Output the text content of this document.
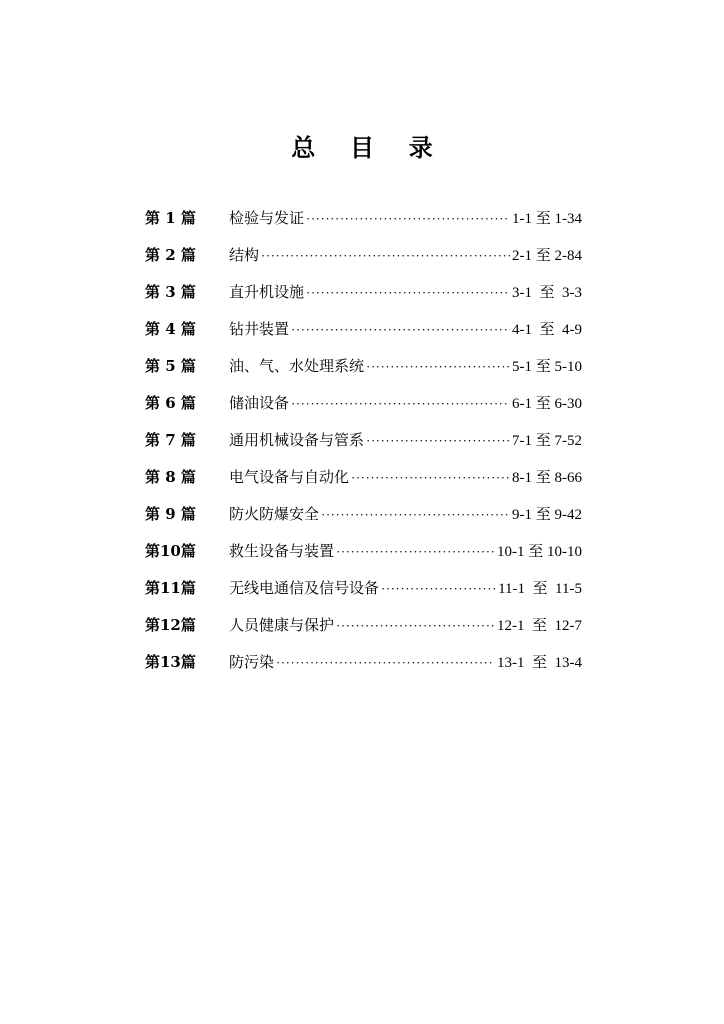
总 目 录
第 1 篇 检验与发证 ·····	1-1 至 1-34
第 2 篇 结构 ·····	2-1 至 2-84
第 3 篇 直升机设施 ·····	3-1  至  3-3
第 4 篇 钻井装置 ·····	4-1  至  4-9
第 5 篇 油、气、水处理系统 ·····	5-1 至 5-10
第 6 篇 储油设备 ·····	6-1 至 6-30
第 7 篇 通用机械设备与管系 ·····	7-1 至 7-52
第 8 篇 电气设备与自动化 ·····	8-1 至 8-66
第 9 篇 防火防爆安全 ·····	9-1 至 9-42
第10篇 救生设备与装置 ·····	10-1 至 10-10
第11篇 无线电通信及信号设备 ·····	11-1  至  11-5
第12篇 人员健康与保护 ·····	12-1  至  12-7
第13篇 防污染 ·····	13-1  至  13-4
